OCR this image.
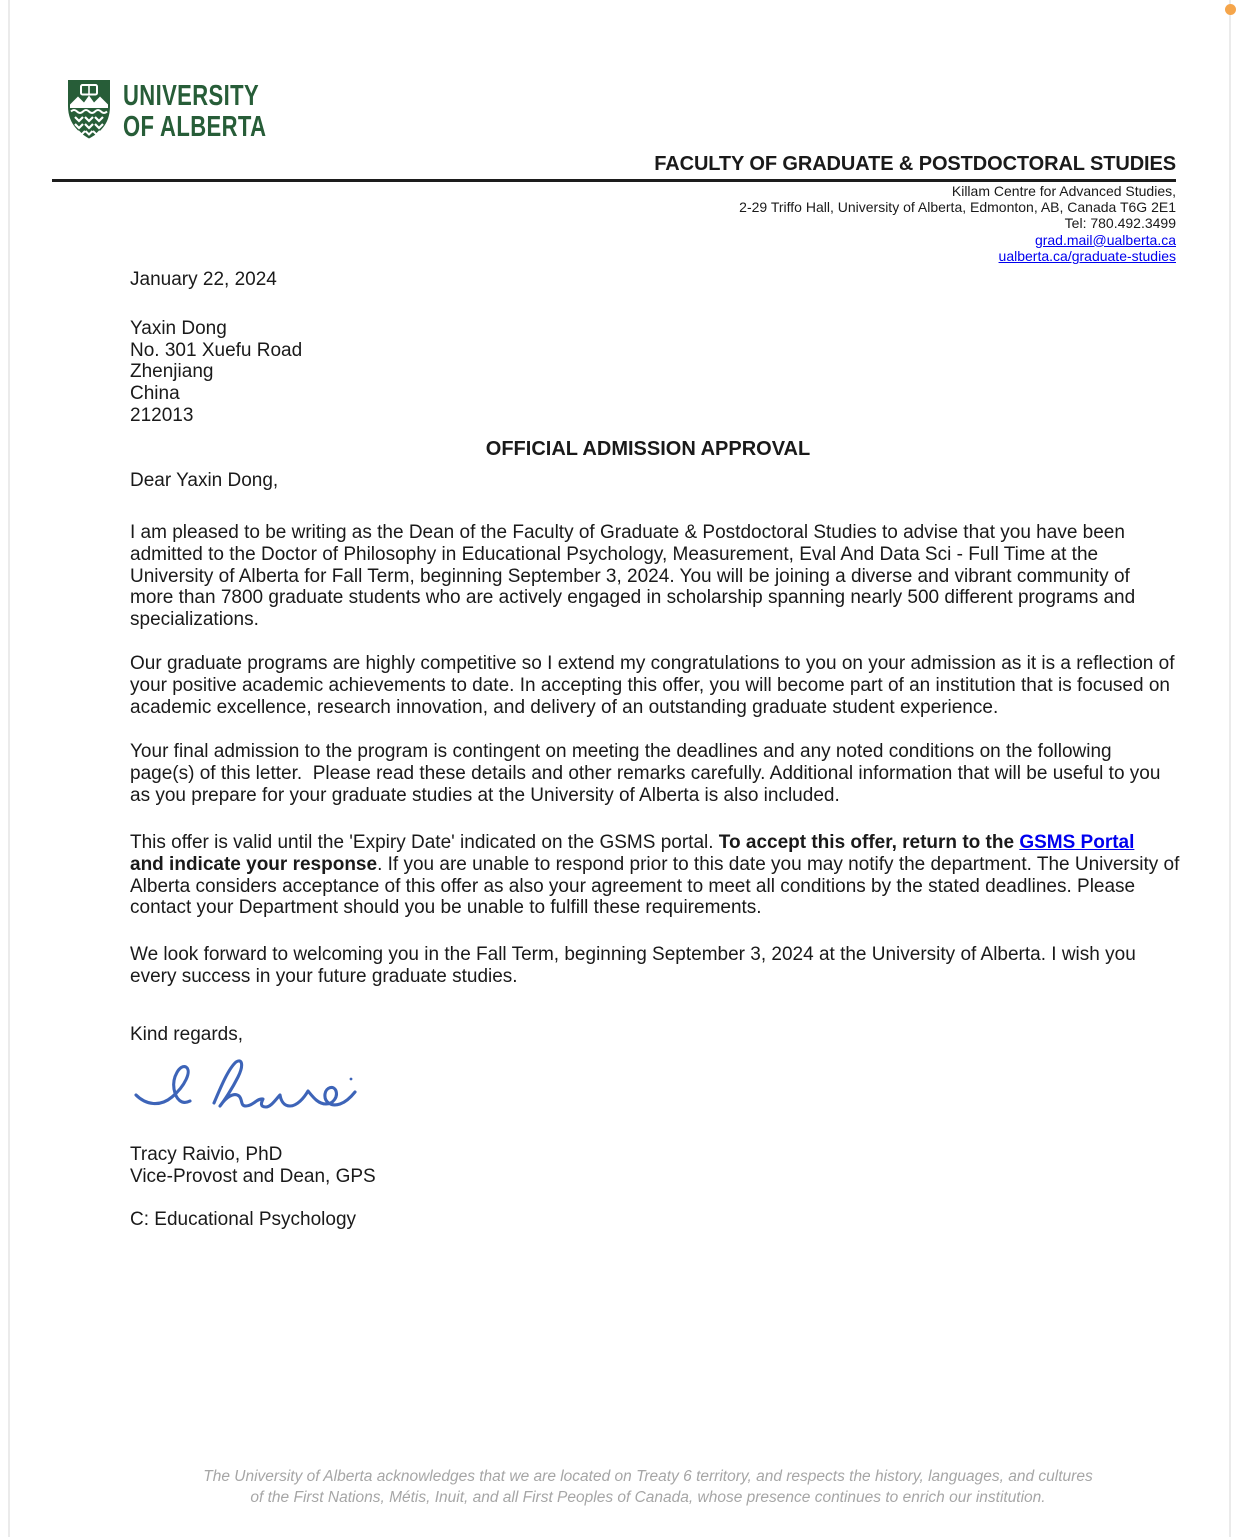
UNIVERSITY
OF ALBERTA
FACULTY OF GRADUATE & POSTDOCTORAL STUDIES
Killam Centre for Advanced Studies,
2-29 Triffo Hall, University of Alberta, Edmonton, AB, Canada T6G 2E1
Tel: 780.492.3499
grad.mail@ualberta.ca
ualberta.ca/graduate-studies
January 22, 2024
Yaxin Dong
No. 301 Xuefu Road
Zhenjiang
China
212013
OFFICIAL ADMISSION APPROVAL
Dear Yaxin Dong,
I am pleased to be writing as the Dean of the Faculty of Graduate & Postdoctoral Studies to advise that you have been
admitted to the Doctor of Philosophy in Educational Psychology, Measurement, Eval And Data Sci - Full Time at the
University of Alberta for Fall Term, beginning September 3, 2024. You will be joining a diverse and vibrant community of
more than 7800 graduate students who are actively engaged in scholarship spanning nearly 500 different programs and
specializations.
Our graduate programs are highly competitive so I extend my congratulations to you on your admission as it is a reflection of
your positive academic achievements to date. In accepting this offer, you will become part of an institution that is focused on
academic excellence, research innovation, and delivery of an outstanding graduate student experience.
Your final admission to the program is contingent on meeting the deadlines and any noted conditions on the following
page(s) of this letter.  Please read these details and other remarks carefully. Additional information that will be useful to you
as you prepare for your graduate studies at the University of Alberta is also included.
This offer is valid until the 'Expiry Date' indicated on the GSMS portal. To accept this offer, return to the GSMS Portal
and indicate your response. If you are unable to respond prior to this date you may notify the department. The University of
Alberta considers acceptance of this offer as also your agreement to meet all conditions by the stated deadlines. Please
contact your Department should you be unable to fulfill these requirements.
We look forward to welcoming you in the Fall Term, beginning September 3, 2024 at the University of Alberta. I wish you
every success in your future graduate studies.
Kind regards,
Tracy Raivio, PhD
Vice-Provost and Dean, GPS
C: Educational Psychology
The University of Alberta acknowledges that we are located on Treaty 6 territory, and respects the history, languages, and cultures
of the First Nations, Métis, Inuit, and all First Peoples of Canada, whose presence continues to enrich our institution.
